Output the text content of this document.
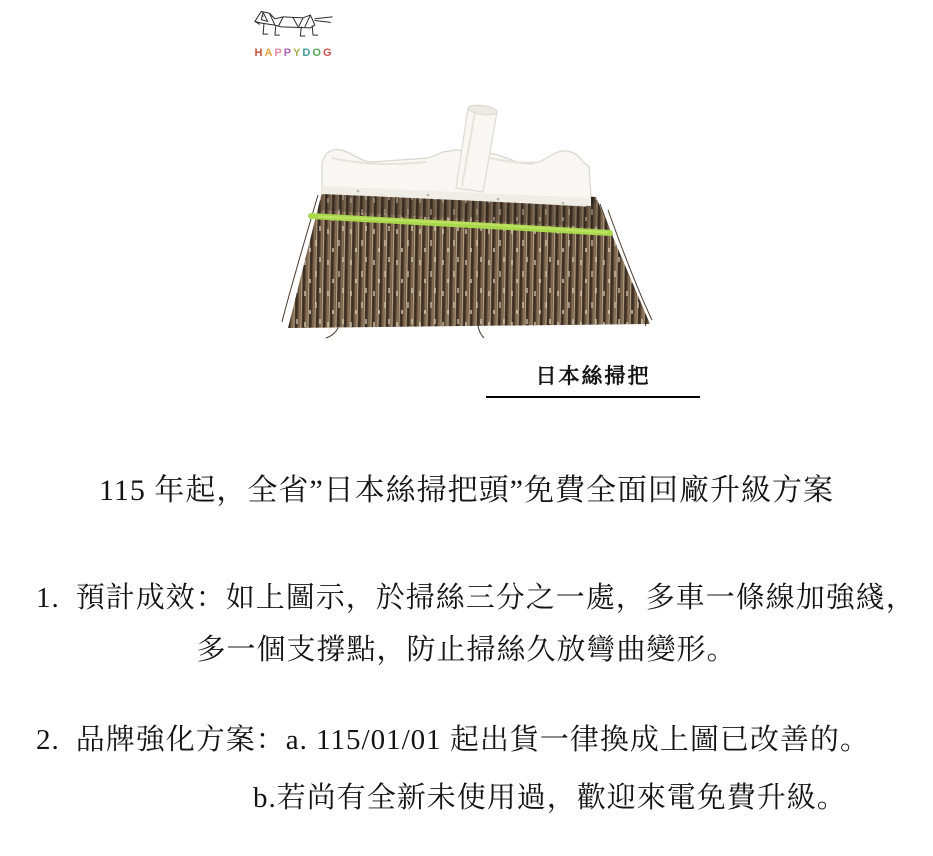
HAPPYDOG
日本絲掃把
115 年起，全省”日本絲掃把頭”免費全面回廠升級方案
1. 預計成效：如上圖示，於掃絲三分之一處，多車一條線加強綫，
多一個支撐點，防止掃絲久放彎曲變形。
2. 品牌強化方案：a. 115/01/01 起出貨一律換成上圖已改善的。
b.若尚有全新未使用過，歡迎來電免費升級。
